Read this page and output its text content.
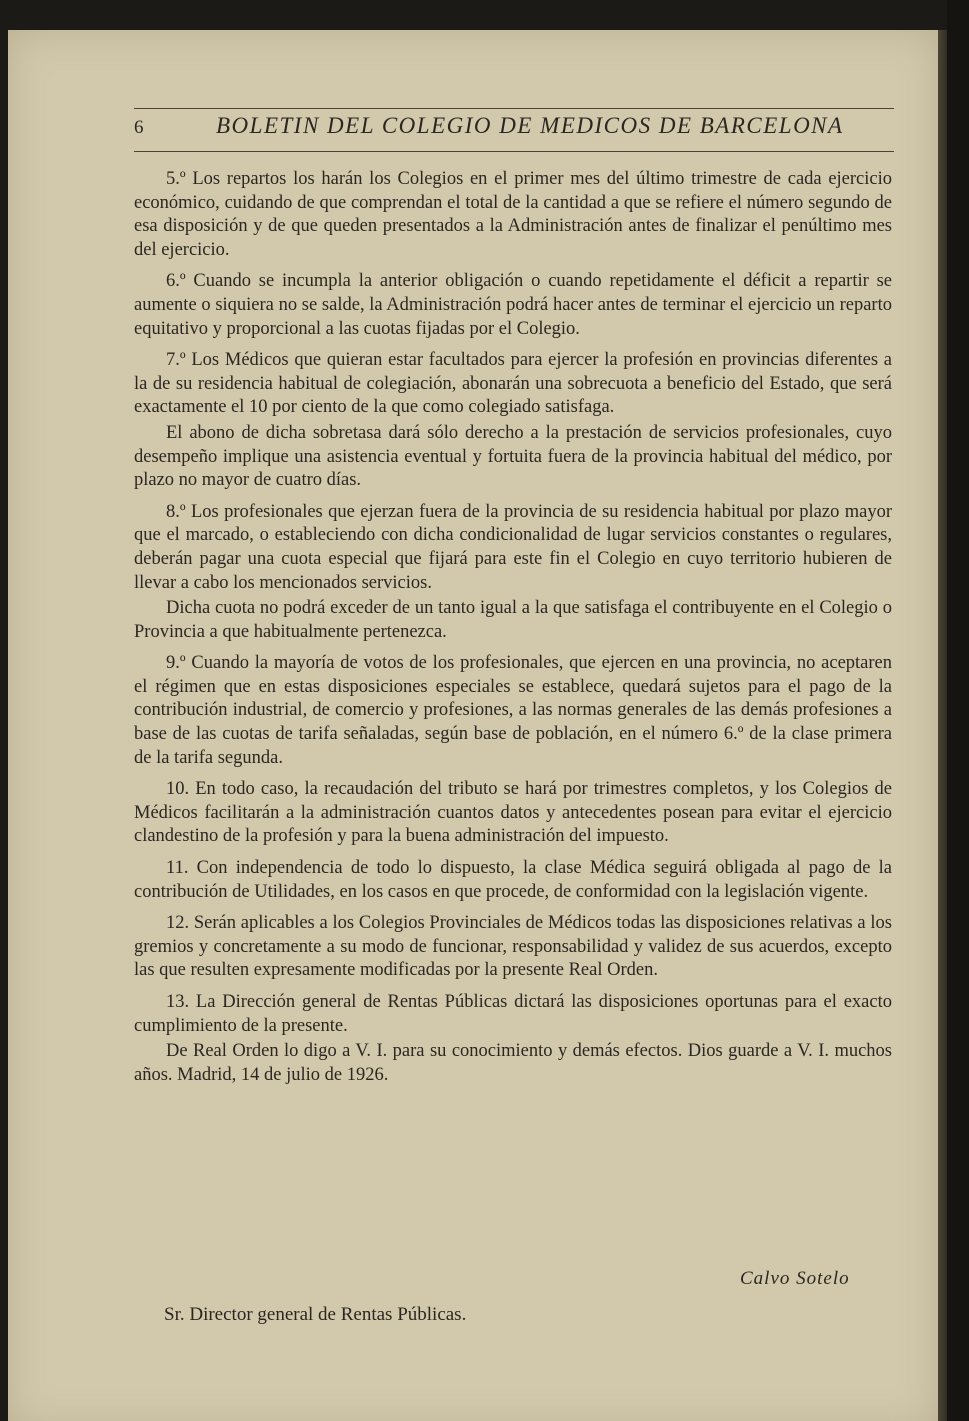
6	BOLETIN DEL COLEGIO DE MEDICOS DE BARCELONA

5.º Los repartos los harán los Colegios en el primer mes del último trimestre de cada ejercicio económico, cuidando de que comprendan el total de la cantidad a que se refiere el número segundo de esa disposición y de que queden presentados a la Administración antes de finalizar el penúltimo mes del ejercicio.

6.º Cuando se incumpla la anterior obligación o cuando repetidamente el déficit a repartir se aumente o siquiera no se salde, la Administración podrá hacer antes de terminar el ejercicio un reparto equitativo y proporcional a las cuotas fijadas por el Colegio.

7.º Los Médicos que quieran estar facultados para ejercer la profesión en provincias diferentes a la de su residencia habitual de colegiación, abonarán una sobrecuota a beneficio del Estado, que será exactamente el 10 por ciento de la que como colegiado satisfaga.

El abono de dicha sobretasa dará sólo derecho a la prestación de servicios profesionales, cuyo desempeño implique una asistencia eventual y fortuita fuera de la provincia habitual del médico, por plazo no mayor de cuatro días.

8.º Los profesionales que ejerzan fuera de la provincia de su residencia habitual por plazo mayor que el marcado, o estableciendo con dicha condicionalidad de lugar servicios constantes o regulares, deberán pagar una cuota especial que fijará para este fin el Colegio en cuyo territorio hubieren de llevar a cabo los mencionados servicios.

Dicha cuota no podrá exceder de un tanto igual a la que satisfaga el contribuyente en el Colegio o Provincia a que habitualmente pertenezca.

9.º Cuando la mayoría de votos de los profesionales, que ejercen en una provincia, no aceptaren el régimen que en estas disposiciones especiales se establece, quedará sujetos para el pago de la contribución industrial, de comercio y profesiones, a las normas generales de las demás profesiones a base de las cuotas de tarifa señaladas, según base de población, en el número 6.º de la clase primera de la tarifa segunda.

10. En todo caso, la recaudación del tributo se hará por trimestres completos, y los Colegios de Médicos facilitarán a la administración cuantos datos y antecedentes posean para evitar el ejercicio clandestino de la profesión y para la buena administración del impuesto.

11. Con independencia de todo lo dispuesto, la clase Médica seguirá obligada al pago de la contribución de Utilidades, en los casos en que procede, de conformidad con la legislación vigente.

12. Serán aplicables a los Colegios Provinciales de Médicos todas las disposiciones relativas a los gremios y concretamente a su modo de funcionar, responsabilidad y validez de sus acuerdos, excepto las que resulten expresamente modificadas por la presente Real Orden.

13. La Dirección general de Rentas Públicas dictará las disposiciones oportunas para el exacto cumplimiento de la presente.

De Real Orden lo digo a V. I. para su conocimiento y demás efectos. Dios guarde a V. I. muchos años. Madrid, 14 de julio de 1926.

Calvo Sotelo
Sr. Director general de Rentas Públicas.
